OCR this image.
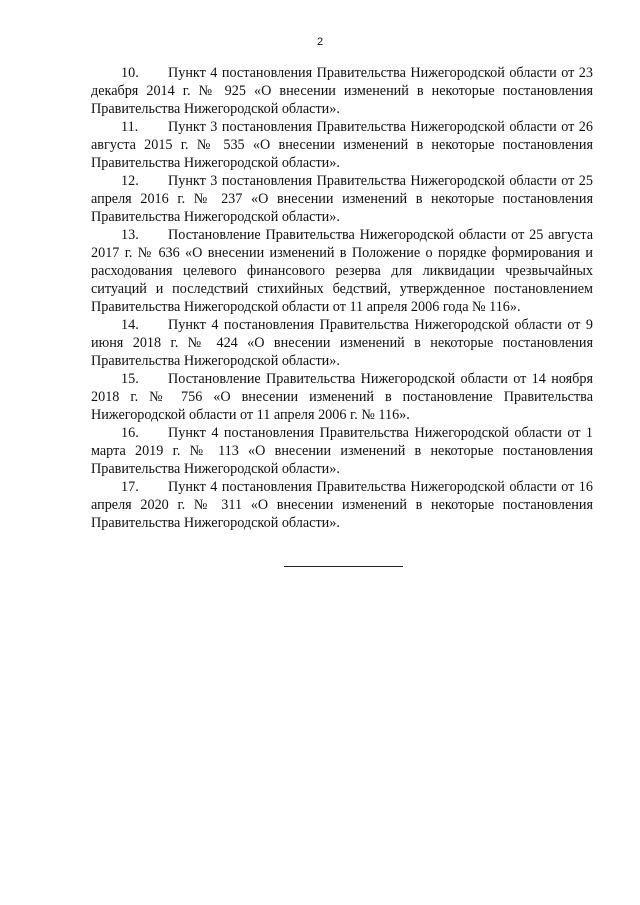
2

10. Пункт 4 постановления Правительства Нижегородской области от 23 декабря 2014 г. № 925 «О внесении изменений в некоторые постановления Правительства Нижегородской области».

11. Пункт 3 постановления Правительства Нижегородской области от 26 августа 2015 г. № 535 «О внесении изменений в некоторые постановления Правительства Нижегородской области».

12. Пункт 3 постановления Правительства Нижегородской области от 25 апреля 2016 г. № 237 «О внесении изменений в некоторые постановления Правительства Нижегородской области».

13. Постановление Правительства Нижегородской области от 25 августа 2017 г. № 636 «О внесении изменений в Положение о порядке формирования и расходования целевого финансового резерва для ликвидации чрезвычайных ситуаций и последствий стихийных бедствий, утвержденное постановлением Правительства Нижегородской области от 11 апреля 2006 года № 116».

14. Пункт 4 постановления Правительства Нижегородской области от 9 июня 2018 г. № 424 «О внесении изменений в некоторые постановления Правительства Нижегородской области».

15. Постановление Правительства Нижегородской области от 14 ноября 2018 г. № 756 «О внесении изменений в постановление Правительства Нижегородской области от 11 апреля 2006 г. № 116».

16. Пункт 4 постановления Правительства Нижегородской области от 1 марта 2019 г. № 113 «О внесении изменений в некоторые постановления Правительства Нижегородской области».

17. Пункт 4 постановления Правительства Нижегородской области от 16 апреля 2020 г. № 311 «О внесении изменений в некоторые постановления Правительства Нижегородской области».
